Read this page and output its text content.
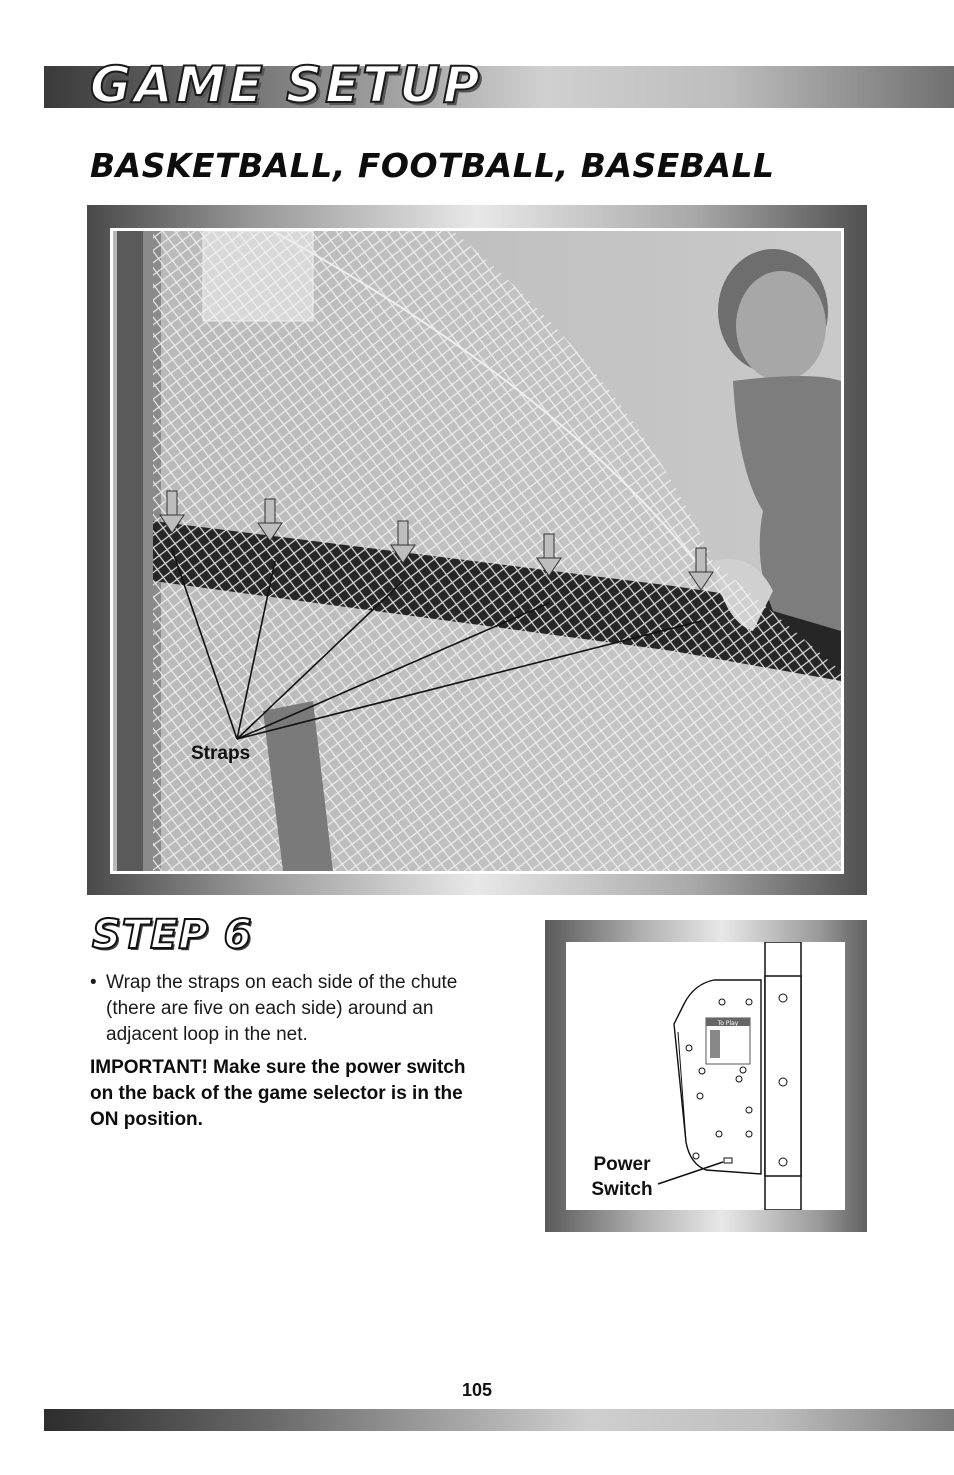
GAME SETUP
BASKETBALL, FOOTBALL, BASEBALL
Straps
STEP 6

• Wrap the straps on each side of the chute (there are five on each side) around an adjacent loop in the net.

IMPORTANT! Make sure the power switch on the back of the game selector is in the ON position.

To Play
Power
Switch
105
